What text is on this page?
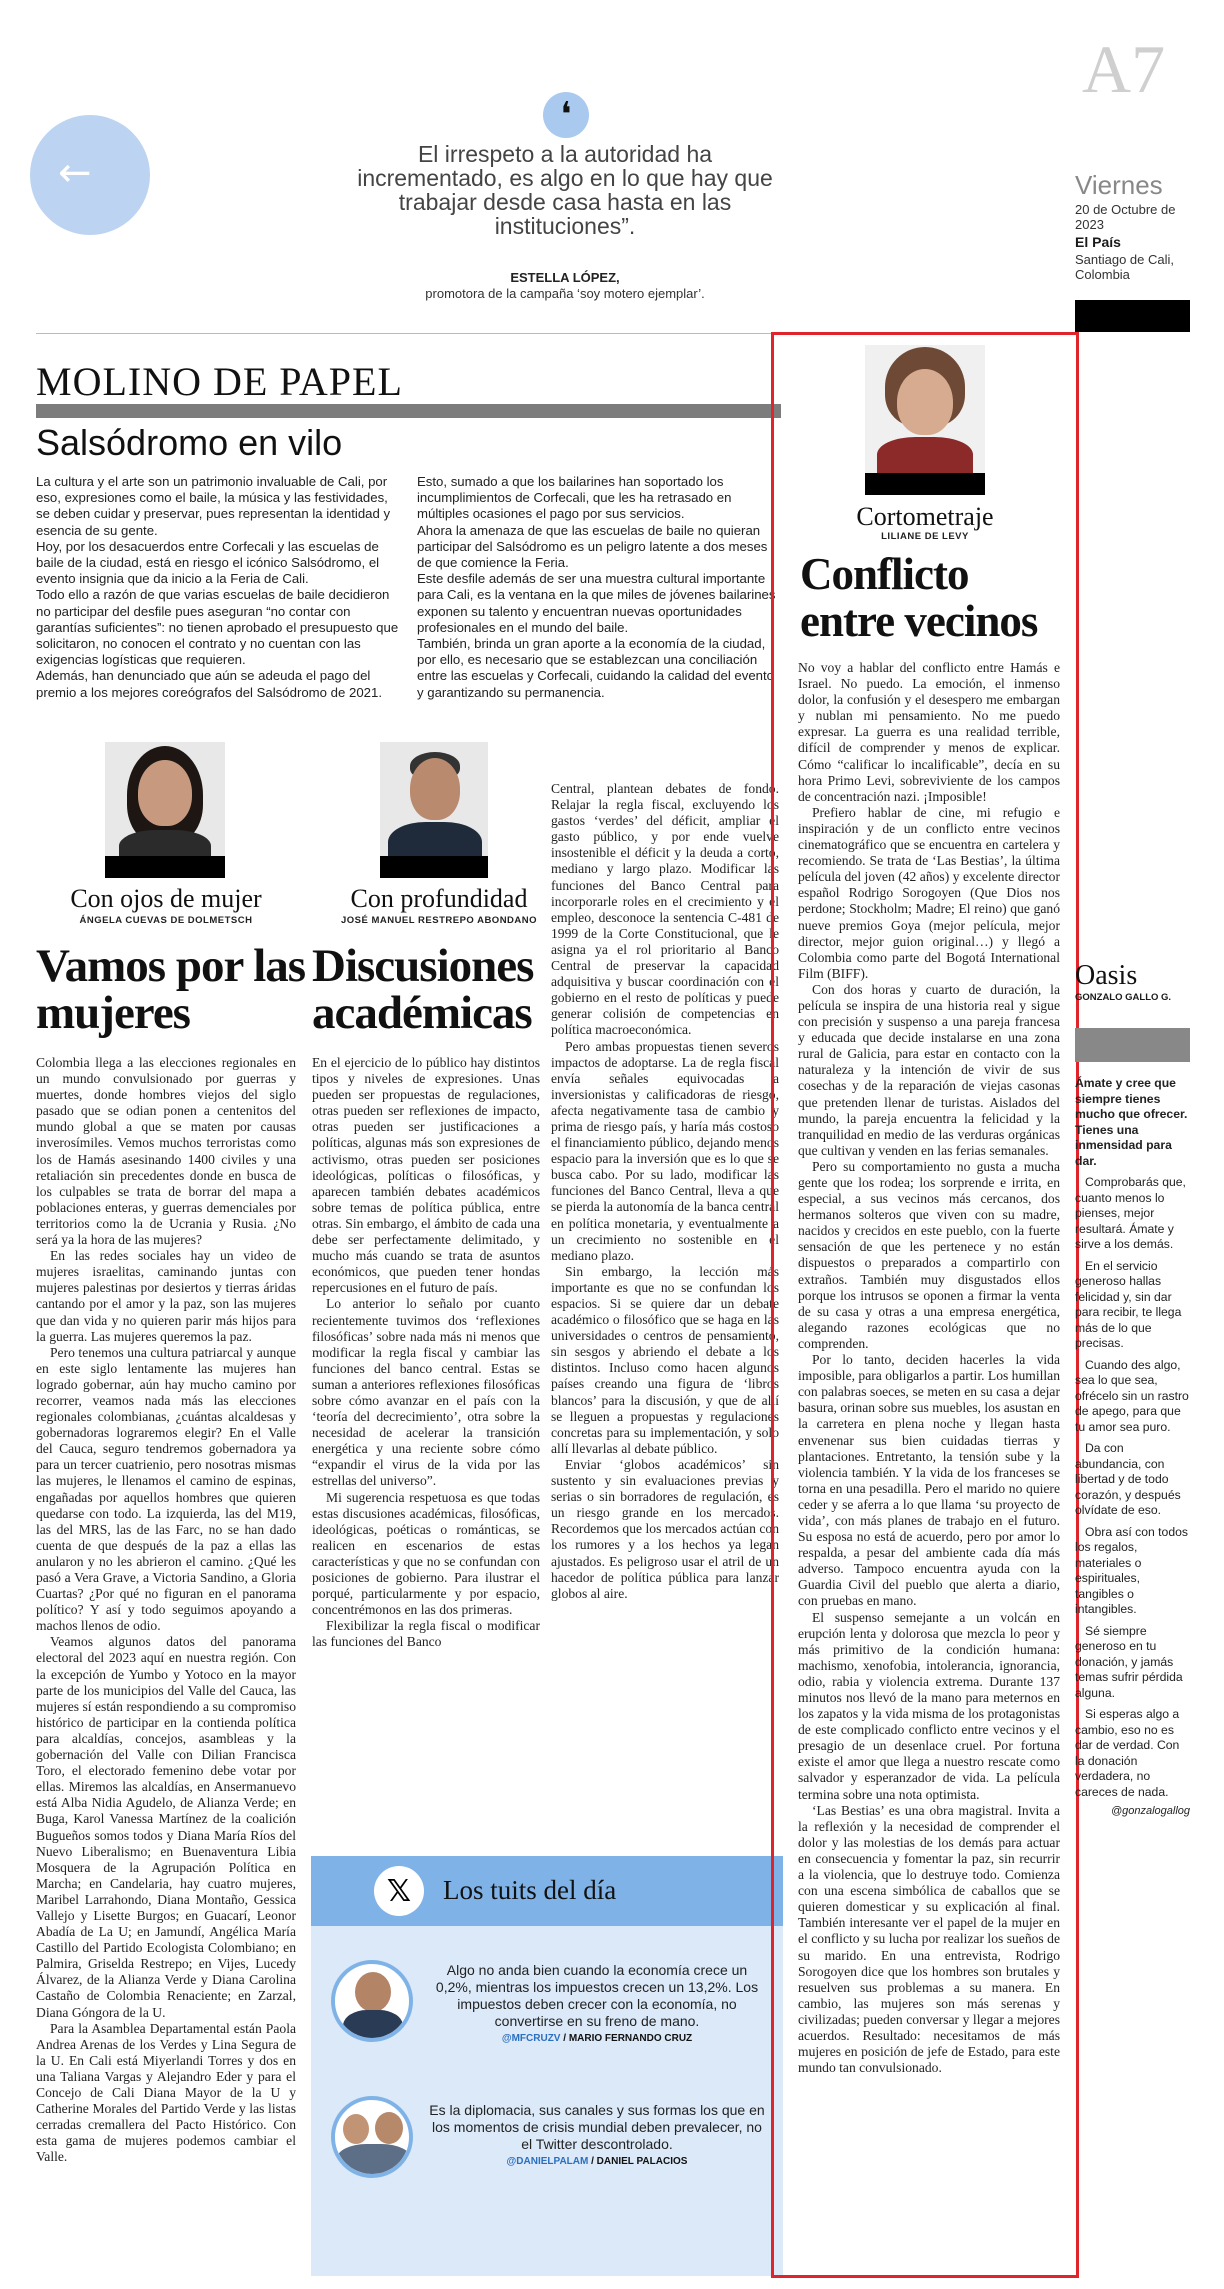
←
❛
El irrespeto a la autoridad ha incrementado, es algo en lo que hay que trabajar desde casa hasta en las instituciones”.
ESTELLA LÓPEZ,
promotora de la campaña ‘soy motero ejemplar’.
A7
Viernes
20 de Octubre de 2023
El País
Santiago de Cali, Colombia
MOLINO DE PAPEL
Salsódromo en vilo
La cultura y el arte son un patrimonio invaluable de Cali, por eso, expresiones como el baile, la música y las festividades, se deben cuidar y preservar, pues representan la identidad y esencia de su gente.
Hoy, por los desacuerdos entre Corfecali y las escuelas de baile de la ciudad, está en riesgo el icónico Salsódromo, el evento insignia que da inicio a la Feria de Cali.
Todo ello a razón de que varias escuelas de baile decidieron no participar del desfile pues aseguran “no contar con garantías suficientes”: no tienen aprobado el presupuesto que solicitaron, no conocen el contrato y no cuentan con las exigencias logísticas que requieren.
Además, han denunciado que aún se adeuda el pago del premio a los mejores coreógrafos del Salsódromo de 2021.
Esto, sumado a que los bailarines han soportado los incumplimientos de Corfecali, que les ha retrasado en múltiples ocasiones el pago por sus servicios.
Ahora la amenaza de que las escuelas de baile no quieran participar del Salsódromo es un peligro latente a dos meses de que comience la Feria.
Este desfile además de ser una muestra cultural importante para Cali, es la ventana en la que miles de jóvenes bailarines exponen su talento y encuentran nuevas oportunidades profesionales en el mundo del baile.
También, brinda un gran aporte a la economía de la ciudad, por ello, es necesario que se establezcan una conciliación entre las escuelas y Corfecali, cuidando la calidad del evento y garantizando su permanencia.
Con ojos de mujer
ÁNGELA CUEVAS DE DOLMETSCH
Vamos por las mujeres

Colombia llega a las elecciones regionales en un mundo convulsionado por guerras y muertes, donde hombres viejos del siglo pasado que se odian ponen a centenitos del mundo global a que se maten por causas inverosímiles. Vemos muchos terroristas como los de Hamás asesinando 1400 civiles y una retaliación sin precedentes donde en busca de los culpables se trata de borrar del mapa a poblaciones enteras, y guerras demenciales por territorios como la de Ucrania y Rusia. ¿No será ya la hora de las mujeres?

En las redes sociales hay un video de mujeres israelitas, caminando juntas con mujeres palestinas por desiertos y tierras áridas cantando por el amor y la paz, son las mujeres que dan vida y no quieren parir más hijos para la guerra. Las mujeres queremos la paz.

Pero tenemos una cultura patriarcal y aunque en este siglo lentamente las mujeres han logrado gobernar, aún hay mucho camino por recorrer, veamos nada más las elecciones regionales colombianas, ¿cuántas alcaldesas y gobernadoras lograremos elegir? En el Valle del Cauca, seguro tendremos gobernadora ya para un tercer cuatrienio, pero nosotras mismas las mujeres, le llenamos el camino de espinas, engañadas por aquellos hombres que quieren quedarse con todo. La izquierda, las del M19, las del MRS, las de las Farc, no se han dado cuenta de que después de la paz a ellas las anularon y no les abrieron el camino. ¿Qué les pasó a Vera Grave, a Victoria Sandino, a Gloria Cuartas? ¿Por qué no figuran en el panorama político? Y así y todo seguimos apoyando a machos llenos de odio.

Veamos algunos datos del panorama electoral del 2023 aquí en nuestra región. Con la excepción de Yumbo y Yotoco en la mayor parte de los municipios del Valle del Cauca, las mujeres sí están respondiendo a su compromiso histórico de participar en la contienda política para alcaldías, concejos, asambleas y la gobernación del Valle con Dilian Francisca Toro, el electorado femenino debe votar por ellas. Miremos las alcaldías, en Ansermanuevo está Alba Nidia Agudelo, de Alianza Verde; en Buga, Karol Vanessa Martínez de la coalición Bugueños somos todos y Diana María Ríos del Nuevo Liberalismo; en Buenaventura Libia Mosquera de la Agrupación Política en Marcha; en Candelaria, hay cuatro mujeres, Maribel Larrahondo, Diana Montaño, Gessica Vallejo y Lisette Burgos; en Guacarí, Leonor Abadía de La U; en Jamundí, Angélica María Castillo del Partido Ecologista Colombiano; en Palmira, Griselda Restrepo; en Vijes, Lucedy Álvarez, de la Alianza Verde y Diana Carolina Castaño de Colombia Renaciente; en Zarzal, Diana Góngora de la U.

Para la Asamblea Departamental están Paola Andrea Arenas de los Verdes y Lina Segura de la U. En Cali está Miyerlandi Torres y dos en una Taliana Vargas y Alejandro Eder y para el Concejo de Cali Diana Mayor de la U y Catherine Morales del Partido Verde y las listas cerradas cremallera del Pacto Histórico. Con esta gama de mujeres podemos cambiar el Valle.

Con profundidad
JOSÉ MANUEL RESTREPO ABONDANO
Discusiones académicas

En el ejercicio de lo público hay distintos tipos y niveles de expresiones. Unas pueden ser propuestas de regulaciones, otras pueden ser reflexiones de impacto, otras pueden ser justificaciones a políticas, algunas más son expresiones de activismo, otras pueden ser posiciones ideológicas, políticas o filosóficas, y aparecen también debates académicos sobre temas de política pública, entre otras. Sin embargo, el ámbito de cada una debe ser perfectamente delimitado, y mucho más cuando se trata de asuntos económicos, que pueden tener hondas repercusiones en el futuro de país.

Lo anterior lo señalo por cuanto recientemente tuvimos dos ‘reflexiones filosóficas’ sobre nada más ni menos que modificar la regla fiscal y cambiar las funciones del banco central. Estas se suman a anteriores reflexiones filosóficas sobre cómo avanzar en el país con la ‘teoría del decrecimiento’, otra sobre la necesidad de acelerar la transición energética y una reciente sobre cómo “expandir el virus de la vida por las estrellas del universo”.

Mi sugerencia respetuosa es que todas estas discusiones académicas, filosóficas, ideológicas, poéticas o románticas, se realicen en escenarios de estas características y que no se confundan con posiciones de gobierno. Para ilustrar el porqué, particularmente y por espacio, concentrémonos en las dos primeras.

Flexibilizar la regla fiscal o modificar las funciones del Banco

Central, plantean debates de fondo. Relajar la regla fiscal, excluyendo los gastos ‘verdes’ del déficit, ampliar el gasto público, y por ende vuelve insostenible el déficit y la deuda a corto, mediano y largo plazo. Modificar las funciones del Banco Central para incorporarle roles en el crecimiento y el empleo, desconoce la sentencia C-481 de 1999 de la Corte Constitucional, que le asigna ya el rol prioritario al Banco Central de preservar la capacidad adquisitiva y buscar coordinación con el gobierno en el resto de políticas y puede generar colisión de competencias en política macroeconómica.

Pero ambas propuestas tienen severos impactos de adoptarse. La de regla fiscal envía señales equivocadas a inversionistas y calificadoras de riesgo, afecta negativamente tasa de cambio y prima de riesgo país, y haría más costoso el financiamiento público, dejando menos espacio para la inversión que es lo que se busca cabo. Por su lado, modificar las funciones del Banco Central, lleva a que se pierda la autonomía de la banca central en política monetaria, y eventualmente a un crecimiento no sostenible en el mediano plazo.

Sin embargo, la lección más importante es que no se confundan los espacios. Si se quiere dar un debate académico o filosófico que se haga en las universidades o centros de pensamiento, sin sesgos y abriendo el debate a los distintos. Incluso como hacen algunos países creando una figura de ‘libros blancos’ para la discusión, y que de allí se lleguen a propuestas y regulaciones concretas para su implementación, y solo allí llevarlas al debate público.

Enviar ‘globos académicos’ sin sustento y sin evaluaciones previas y serias o sin borradores de regulación, es un riesgo grande en los mercados. Recordemos que los mercados actúan con los rumores y a los hechos ya legan ajustados. Es peligroso usar el atril de un hacedor de política pública para lanzar globos al aire.

𝕏	Los tuits del día
Algo no anda bien cuando la economía crece un 0,2%, mientras los impuestos crecen un 13,2%. Los impuestos deben crecer con la economía, no convertirse en su freno de mano.
@MFCRUZV / MARIO FERNANDO CRUZ
Es la diplomacia, sus canales y sus formas los que en los momentos de crisis mundial deben prevalecer, no el Twitter descontrolado.
@DANIELPALAM / DANIEL PALACIOS
Cortometraje
LILIANE DE LEVY
Conflicto
entre vecinos

No voy a hablar del conflicto entre Hamás e Israel. No puedo. La emoción, el inmenso dolor, la confusión y el desespero me embargan y nublan mi pensamiento. No me puedo expresar. La guerra es una realidad terrible, difícil de comprender y menos de explicar. Cómo “calificar lo incalificable”, decía en su hora Primo Levi, sobreviviente de los campos de concentración nazi. ¡Imposible!

Prefiero hablar de cine, mi refugio e inspiración y de un conflicto entre vecinos cinematográfico que se encuentra en cartelera y recomiendo. Se trata de ‘Las Bestias’, la última película del joven (42 años) y excelente director español Rodrigo Sorogoyen (Que Dios nos perdone; Stockholm; Madre; El reino) que ganó nueve premios Goya (mejor película, mejor director, mejor guion original…) y llegó a Colombia como parte del Bogotá International Film (BIFF).

Con dos horas y cuarto de duración, la película se inspira de una historia real y sigue con precisión y suspenso a una pareja francesa y educada que decide instalarse en una zona rural de Galicia, para estar en contacto con la naturaleza y la intención de vivir de sus cosechas y de la reparación de viejas casonas que pretenden llenar de turistas. Aislados del mundo, la pareja encuentra la felicidad y la tranquilidad en medio de las verduras orgánicas que cultivan y venden en las ferias semanales.

Pero su comportamiento no gusta a mucha gente que los rodea; los sorprende e irrita, en especial, a sus vecinos más cercanos, dos hermanos solteros que viven con su madre, nacidos y crecidos en este pueblo, con la fuerte sensación de que les pertenece y no están dispuestos o preparados a compartirlo con extraños. También muy disgustados ellos porque los intrusos se oponen a firmar la venta de su casa y otras a una empresa energética, alegando razones ecológicas que no comprenden.

Por lo tanto, deciden hacerles la vida imposible, para obligarlos a partir. Los humillan con palabras soeces, se meten en su casa a dejar basura, orinan sobre sus muebles, los asustan en la carretera en plena noche y llegan hasta envenenar sus bien cuidadas tierras y plantaciones. Entretanto, la tensión sube y la violencia también. Y la vida de los franceses se torna en una pesadilla. Pero el marido no quiere ceder y se aferra a lo que llama ‘su proyecto de vida’, con más planes de trabajo en el futuro. Su esposa no está de acuerdo, pero por amor lo respalda, a pesar del ambiente cada día más adverso. Tampoco encuentra ayuda con la Guardia Civil del pueblo que alerta a diario, con pruebas en mano.

El suspenso semejante a un volcán en erupción lenta y dolorosa que mezcla lo peor y más primitivo de la condición humana: machismo, xenofobia, intolerancia, ignorancia, odio, rabia y violencia extrema. Durante 137 minutos nos llevó de la mano para meternos en los zapatos y la vida misma de los protagonistas de este complicado conflicto entre vecinos y el presagio de un desenlace cruel. Por fortuna existe el amor que llega a nuestro rescate como salvador y esperanzador de vida. La película termina sobre una nota optimista.

‘Las Bestias’ es una obra magistral. Invita a la reflexión y la necesidad de comprender el dolor y las molestias de los demás para actuar en consecuencia y fomentar la paz, sin recurrir a la violencia, que lo destruye todo. Comienza con una escena simbólica de caballos que se quieren domesticar y su explicación al final. También interesante ver el papel de la mujer en el conflicto y su lucha por realizar los sueños de su marido. En una entrevista, Rodrigo Sorogoyen dice que los hombres son brutales y resuelven sus problemas a su manera. En cambio, las mujeres son más serenas y civilizadas; pueden conversar y llegar a mejores acuerdos. Resultado: necesitamos de más mujeres en posición de jefe de Estado, para este mundo tan convulsionado.

Oasis
GONZALO GALLO G.

Ámate y cree que siempre tienes mucho que ofrecer. Tienes una inmensidad para dar.

Comprobarás que, cuanto menos lo pienses, mejor resultará. Ámate y sirve a los demás.

En el servicio generoso hallas felicidad y, sin dar para recibir, te llega más de lo que precisas.

Cuando des algo, sea lo que sea, ofrécelo sin un rastro de apego, para que tu amor sea puro.

Da con abundancia, con libertad y de todo corazón, y después olvídate de eso.

Obra así con todos los regalos, materiales o espirituales, tangibles o intangibles.

Sé siempre generoso en tu donación, y jamás temas sufrir pérdida alguna.

Si esperas algo a cambio, eso no es dar de verdad. Con la donación verdadera, no careces de nada.

@gonzalogallog
